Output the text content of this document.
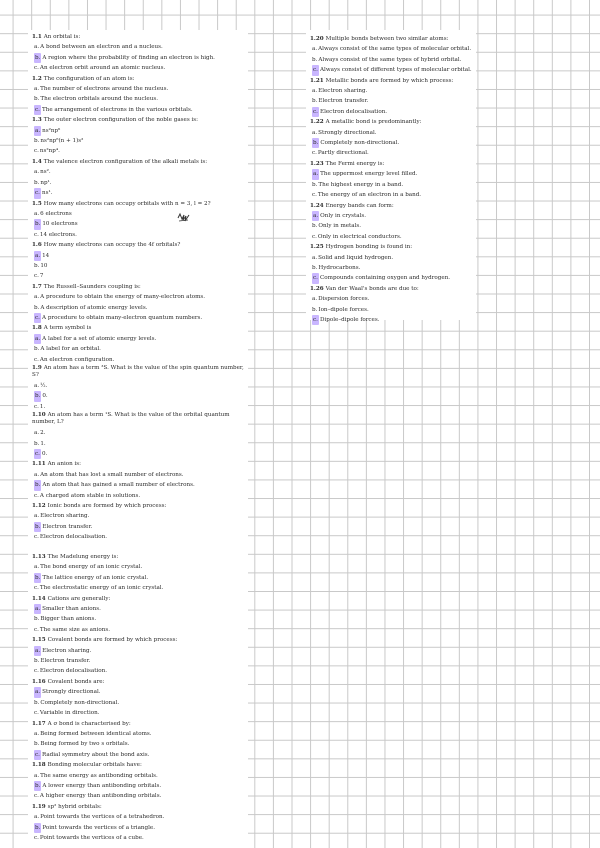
1.1 An orbital is:
a.A bond between an electron and a nucleus.
b. A region where the probability of finding an electron is high.
c.An electron orbit around an atomic nucleus.
1.2 The configuration of an atom is:
a.The number of electrons around the nucleus.
b.The electron orbitals around the nucleus.
c. The arrangement of electrons in the various orbitals.
1.3 The outer electron configuration of the noble gases is:
a. ns²np⁶
b.ns²np⁶(n + 1)s²
c.ns²np⁴.
1.4 The valence electron configuration of the alkali metals is:
a.ns².
b.np¹.
c. ns¹.
1.5 How many electrons can occupy orbitals with n = 3, l = 2?
a.6 electrons
b. 10 electrons
c.14 electrons.
1.6 How many electrons can occupy the 4f orbitals?
a. 14
b.10
c.7
1.7 The Russell–Saunders coupling is:
a.A procedure to obtain the energy of many-electron atoms.
b.A description of atomic energy levels.
c. A procedure to obtain many-electron quantum numbers.
1.8 A term symbol is
a. A label for a set of atomic energy levels.
b.A label for an orbital.
c.An electron configuration.
1.9 An atom has a term ³S. What is the value of the spin quantum number, S?
a.½.
b. 0.
c.1.
1.10 An atom has a term ¹S. What is the value of the orbital quantum number, L?
a.2.
b.1.
c. 0.
1.11 An anion is:
a.An atom that has lost a small number of electrons.
b. An atom that has gained a small number of electrons.
c.A charged atom stable in solutions.
1.12 Ionic bonds are formed by which process:
a.Electron sharing.
b. Electron transfer.
c.Electron delocalisation.
1.20 Multiple bonds between two similar atoms:
a.Always consist of the same types of molecular orbital.
b.Always consist of the same types of hybrid orbital.
c. Always consist of different types of molecular orbital.
1.21 Metallic bonds are formed by which process:
a.Electron sharing.
b.Electron transfer.
c. Electron delocalisation.
1.22 A metallic bond is predominantly:
a.Strongly directional.
b. Completely non-directional.
c.Partly directional.
1.23 The Fermi energy is:
a. The uppermost energy level filled.
b.The highest energy in a band.
c.The energy of an electron in a band.
1.24 Energy bands can form:
a. Only in crystals.
b.Only in metals.
c.Only in electrical conductors.
1.25 Hydrogen bonding is found in:
a.Solid and liquid hydrogen.
b.Hydrocarbons.
c. Compounds containing oxygen and hydrogen.
1.26 Van der Waal's bonds are due to:
a.Dispersion forces.
b.Ion–dipole forces.
c. Dipole–dipole forces.
1.13 The Madelung energy is:
a.The bond energy of an ionic crystal.
b. The lattice energy of an ionic crystal.
c.The electrostatic energy of an ionic crystal.
1.14 Cations are generally:
a. Smaller than anions.
b.Bigger than anions.
c.The same size as anions.
1.15 Covalent bonds are formed by which process:
a. Electron sharing.
b.Electron transfer.
c.Electron delocalisation.
1.16 Covalent bonds are:
a. Strongly directional.
b.Completely non-directional.
c.Variable in direction.
1.17 A σ bond is characterised by:
a.Being formed between identical atoms.
b.Being formed by two s orbitals.
c. Radial symmetry about the bond axis.
1.18 Bonding molecular orbitals have:
a.The same energy as antibonding orbitals.
b. A lower energy than antibonding orbitals.
c.A higher energy than antibonding orbitals.
1.19 sp² hybrid orbitals:
a.Point towards the vertices of a tetrahedron.
b. Point towards the vertices of a triangle.
c.Point towards the vertices of a cube.
